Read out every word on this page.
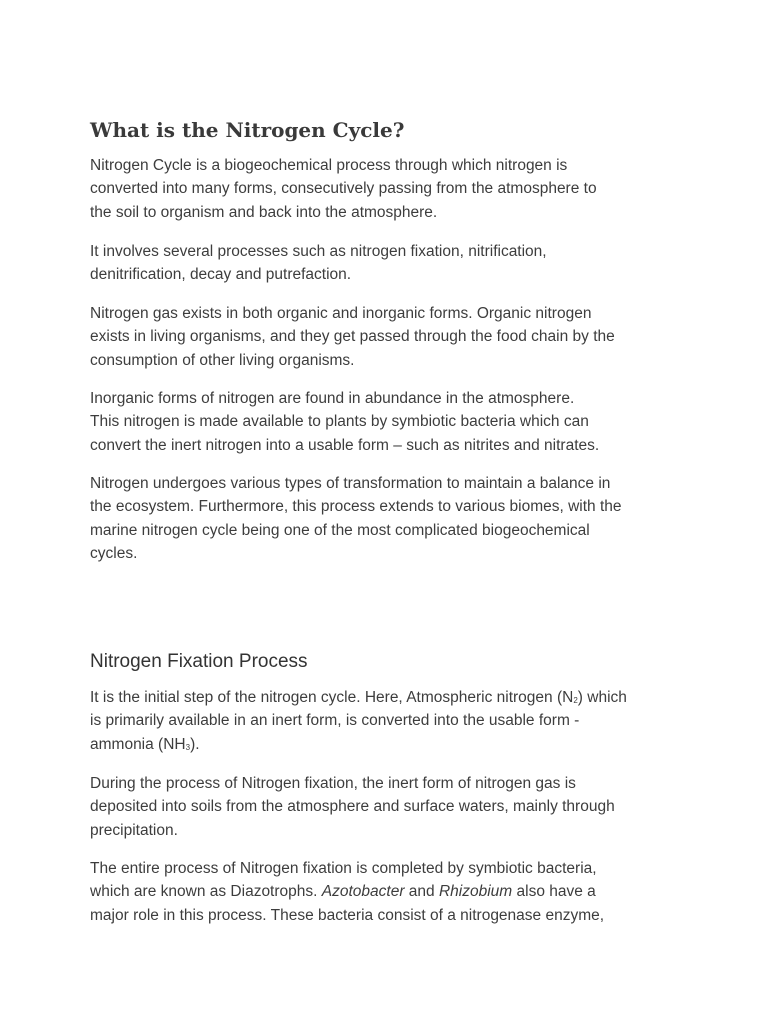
What is the Nitrogen Cycle?

Nitrogen Cycle is a biogeochemical process through which nitrogen is
converted into many forms, consecutively passing from the atmosphere to
the soil to organism and back into the atmosphere.

It involves several processes such as nitrogen fixation, nitrification,
denitrification, decay and putrefaction.

Nitrogen gas exists in both organic and inorganic forms. Organic nitrogen
exists in living organisms, and they get passed through the food chain by the
consumption of other living organisms.

Inorganic forms of nitrogen are found in abundance in the atmosphere.
This nitrogen is made available to plants by symbiotic bacteria which can
convert the inert nitrogen into a usable form – such as nitrites and nitrates.

Nitrogen undergoes various types of transformation to maintain a balance in
the ecosystem. Furthermore, this process extends to various biomes, with the
marine nitrogen cycle being one of the most complicated biogeochemical
cycles.

Nitrogen Fixation Process

It is the initial step of the nitrogen cycle. Here, Atmospheric nitrogen $(N_2)$ which
is primarily available in an inert form, is converted into the usable form -
ammonia $(NH_3)$.

During the process of Nitrogen fixation, the inert form of nitrogen gas is
deposited into soils from the atmosphere and surface waters, mainly through
precipitation.

The entire process of Nitrogen fixation is completed by symbiotic bacteria,
which are known as Diazotrophs. Azotobacter and Rhizobium also have a
major role in this process. These bacteria consist of a nitrogenase enzyme,
